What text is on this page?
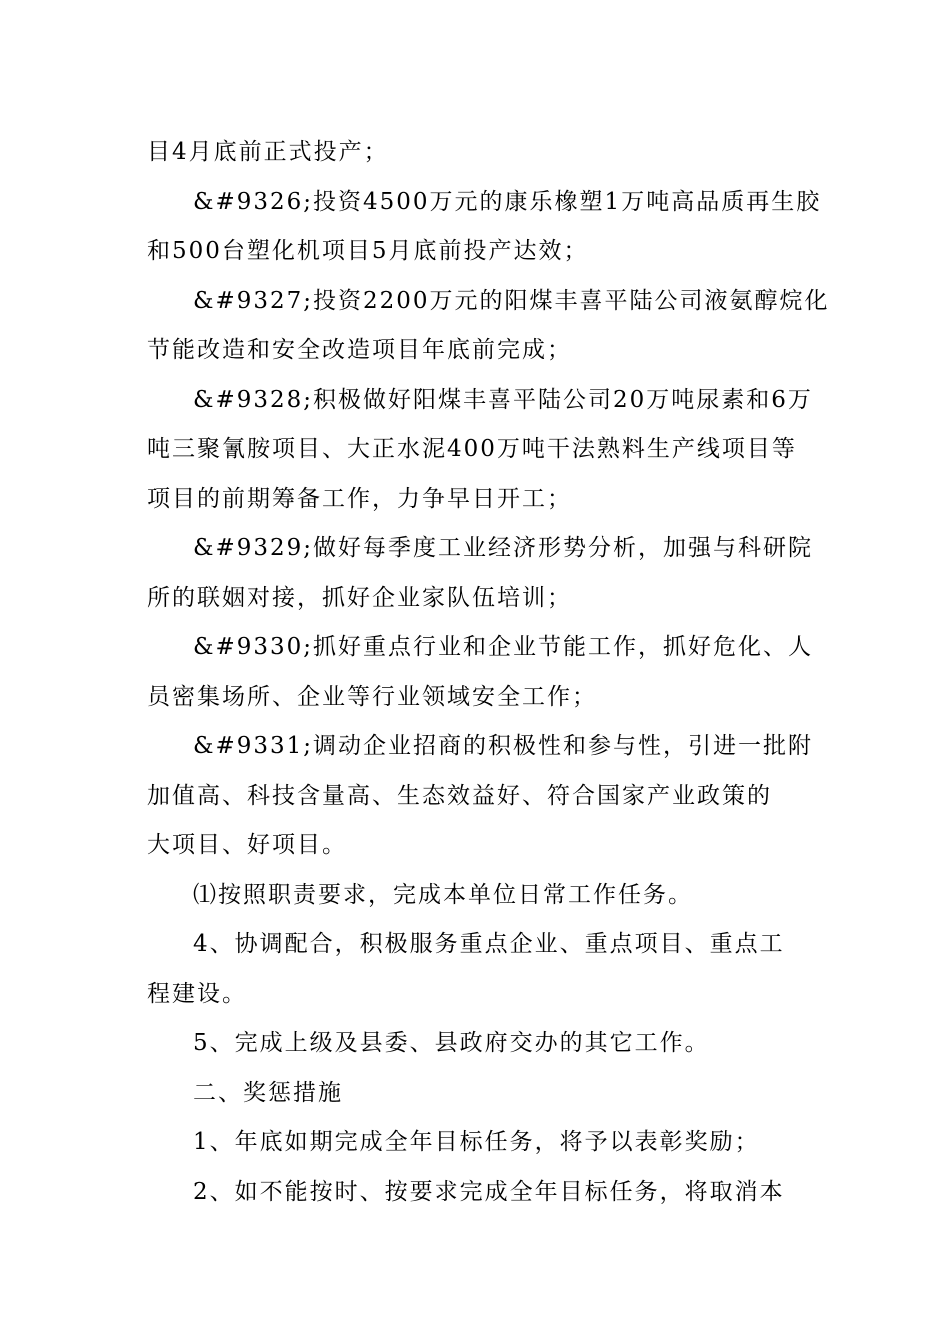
目4月底前正式投产；
&#9326;投资4500万元的康乐橡塑1万吨高品质再生胶
和500台塑化机项目5月底前投产达效；
&#9327;投资2200万元的阳煤丰喜平陆公司液氨醇烷化
节能改造和安全改造项目年底前完成；
&#9328;积极做好阳煤丰喜平陆公司20万吨尿素和6万
吨三聚氰胺项目、大正水泥400万吨干法熟料生产线项目等
项目的前期筹备工作，力争早日开工；
&#9329;做好每季度工业经济形势分析，加强与科研院
所的联姻对接，抓好企业家队伍培训；
&#9330;抓好重点行业和企业节能工作，抓好危化、人
员密集场所、企业等行业领域安全工作；
&#9331;调动企业招商的积极性和参与性，引进一批附
加值高、科技含量高、生态效益好、符合国家产业政策的
大项目、好项目。
⑴按照职责要求，完成本单位日常工作任务。
4、协调配合，积极服务重点企业、重点项目、重点工
程建设。
5、完成上级及县委、县政府交办的其它工作。
二、奖惩措施
1、年底如期完成全年目标任务，将予以表彰奖励；
2、如不能按时、按要求完成全年目标任务，将取消本
